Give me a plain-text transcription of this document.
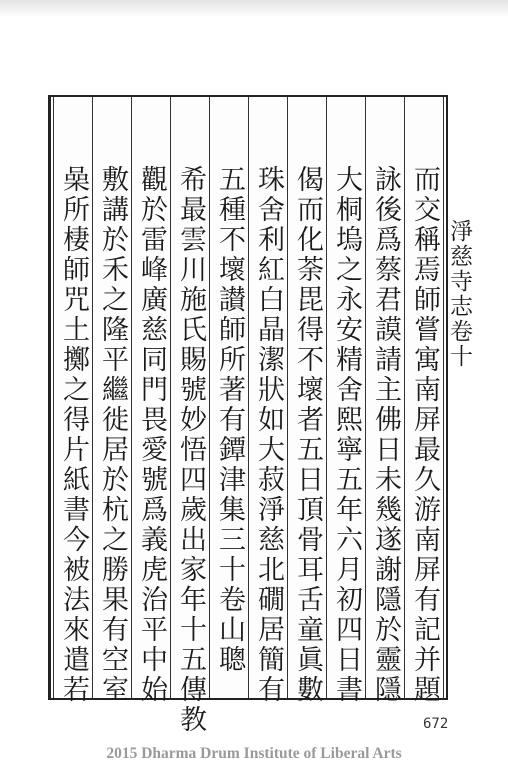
而交稱焉師嘗寓南屏最久游南屏有記并題
詠後爲蔡君謨請主佛日未幾遂謝隱於靈隱
大桐塢之永安精舍熙寧五年六月初四日書
偈而化荼毘得不壞者五日頂骨耳舌童眞數
珠舍利紅白晶潔狀如大菽淨慈北礀居簡有
五種不壞讃師所著有鐔津集三十卷山聰
希最雲川施氏賜號妙悟四歲出家年十五傳教
觀於雷峰廣慈同門畏愛號爲義虎治平中始
敷講於禾之隆平繼徙居於杭之勝果有空室
喿所棲師咒土擲之得片紙書今被法來遣若	淨慈寺志卷十
672
2015 Dharma Drum Institute of Liberal Arts
